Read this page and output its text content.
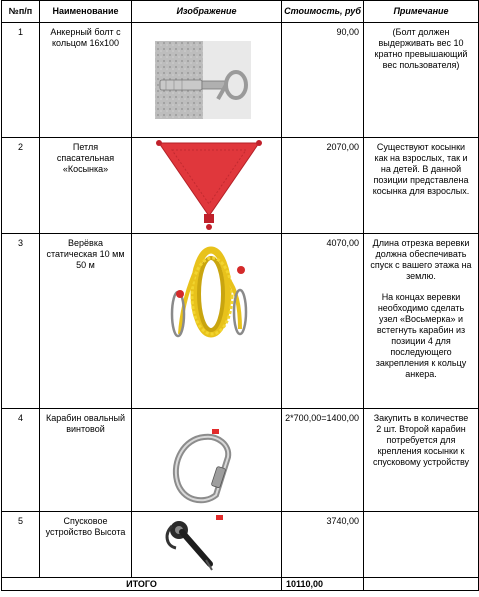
№п/п	Наименование	Изображение	Стоимость, руб	Примечание
1	Анкерный болт с кольцом 16х100		90,00	(Болт должен выдерживать вес 10 кратно превышающий вес пользователя)

2	Петля спасательная «Косынка»		2070,00	Существуют косынки как на взрослых, так и на детей. В данной позиции представлена косынка для взрослых.

3	Верёвка статическая 10 мм 50 м		4070,00	Длина отрезка веревки должна обеспечивать спуск с вашего этажа на землю.

На концах веревки необходимо сделать узел «Восьмерка» и встегнуть карабин из позиции 4 для последующего закрепления к кольцу анкера.

4	Карабин овальный винтовой		2*700,00=1400,00	Закупить в количестве 2 шт. Второй карабин потребуется для крепления косынки к спусковому устройству

5	Спусковое устройство Высота		3740,00	

ИТОГО			10110,00	
